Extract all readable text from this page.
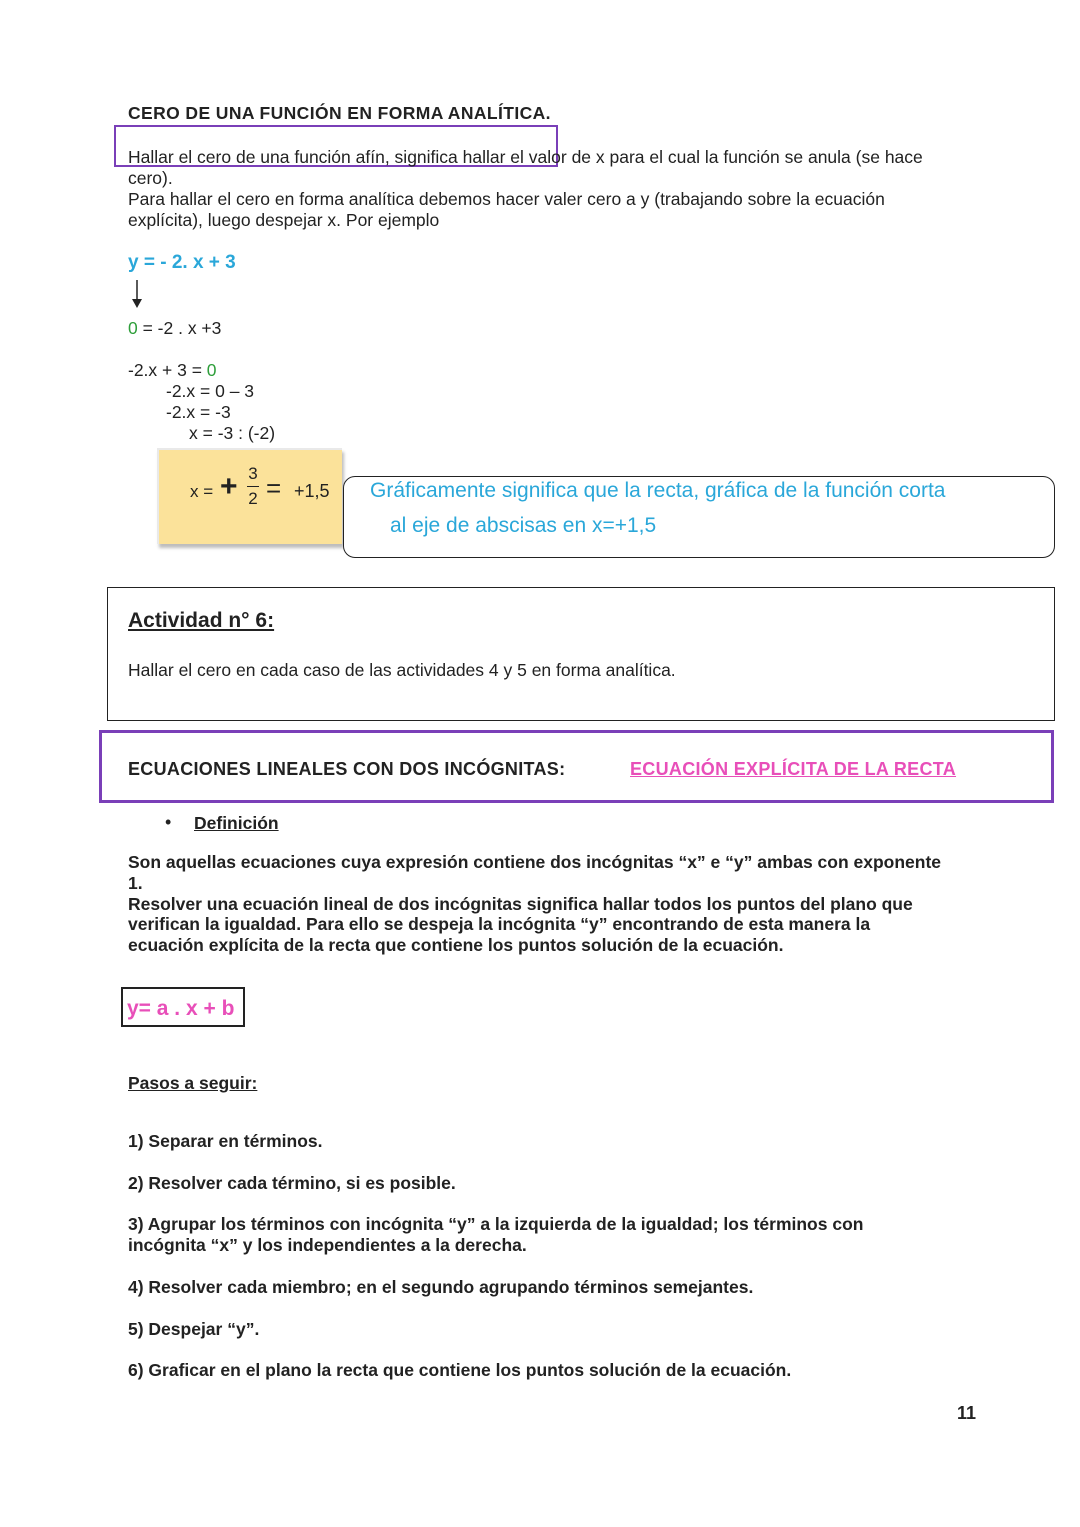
CERO DE UNA FUNCIÓN EN FORMA ANALÍTICA.
Hallar el cero de una función afín, significa hallar el valor de x para el cual la función se anula (se hace
cero).
Para hallar el cero en forma analítica debemos hacer valer cero a y (trabajando sobre la ecuación
explícita), luego despejar x. Por ejemplo
y = - 2. x + 3
0 = -2 . x +3
-2.x + 3 = 0
-2.x = 0 – 3
-2.x = -3
x = -3 : (-2)
x = + 3
2 = +1,5 Gráficamente significa que la recta, gráfica de la función corta
al eje de abscisas en x=+1,5
Actividad n° 6:
Hallar el cero en cada caso de las actividades 4 y 5 en forma analítica.
ECUACIONES LINEALES CON DOS INCÓGNITAS:	ECUACIÓN EXPLÍCITA DE LA RECTA
• Definición
Son aquellas ecuaciones cuya expresión contiene dos incógnitas “x” e “y” ambas con exponente
1.
Resolver una ecuación lineal de dos incógnitas significa hallar todos los puntos del plano que
verifican la igualdad. Para ello se despeja la incógnita “y” encontrando de esta manera la
ecuación explícita de la recta que contiene los puntos solución de la ecuación.
y= a . x + b
Pasos a seguir:
1) Separar en términos.
2) Resolver cada término, si es posible.
3) Agrupar los términos con incógnita “y” a la izquierda de la igualdad; los términos con
incógnita “x” y los independientes a la derecha.
4) Resolver cada miembro; en el segundo agrupando términos semejantes.
5) Despejar “y”.
6) Graficar en el plano la recta que contiene los puntos solución de la ecuación.
11
